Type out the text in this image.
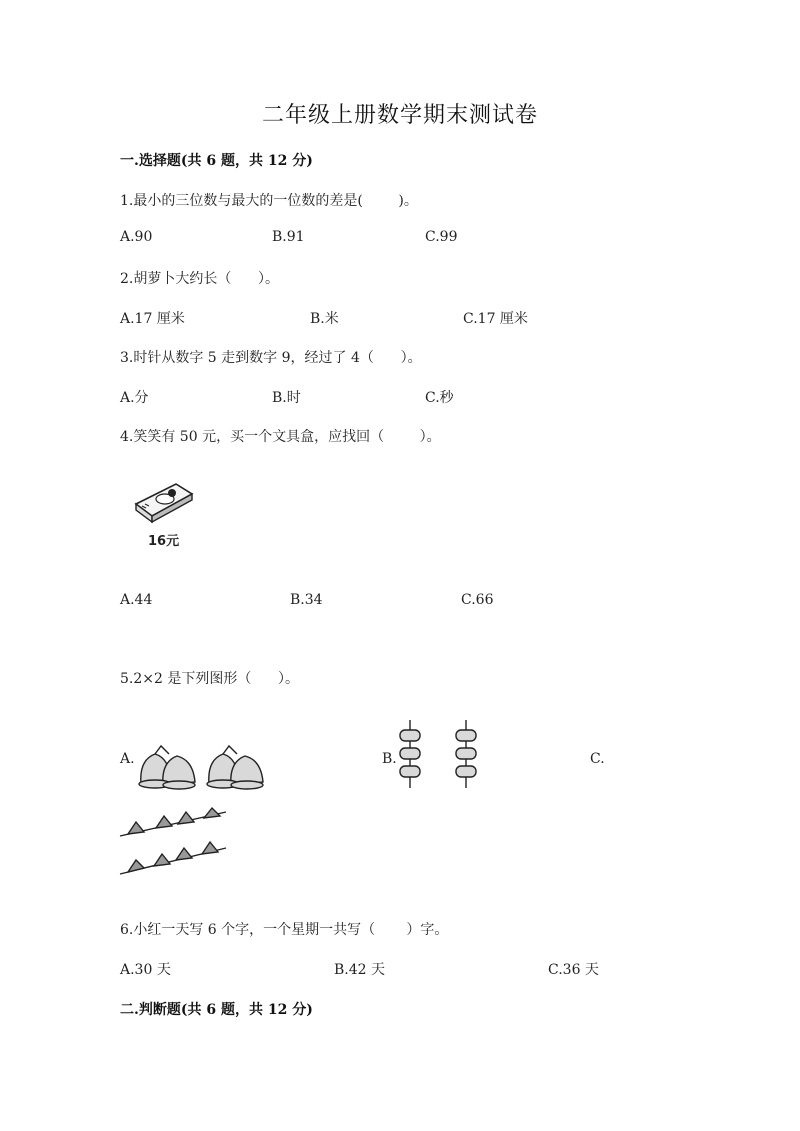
二年级上册数学期末测试卷
一.选择题(共 6 题，共 12 分)
1.最小的三位数与最大的一位数的差是(        )。
A.90	B.91	C.99
2.胡萝卜大约长（      ）。
A.17 厘米	B.米	C.17 厘米
3.时针从数字 5 走到数字 9，经过了 4（      ）。
A.分	B.时	C.秒
4.笑笑有 50 元，买一个文具盒，应找回（        ）。
16元
A.44	B.34	C.66
5.2×2 是下列图形（      ）。
A.	B.	C.
6.小红一天写 6 个字，一个星期一共写（       ）字。
A.30 天	B.42 天	C.36 天
二.判断题(共 6 题，共 12 分)
